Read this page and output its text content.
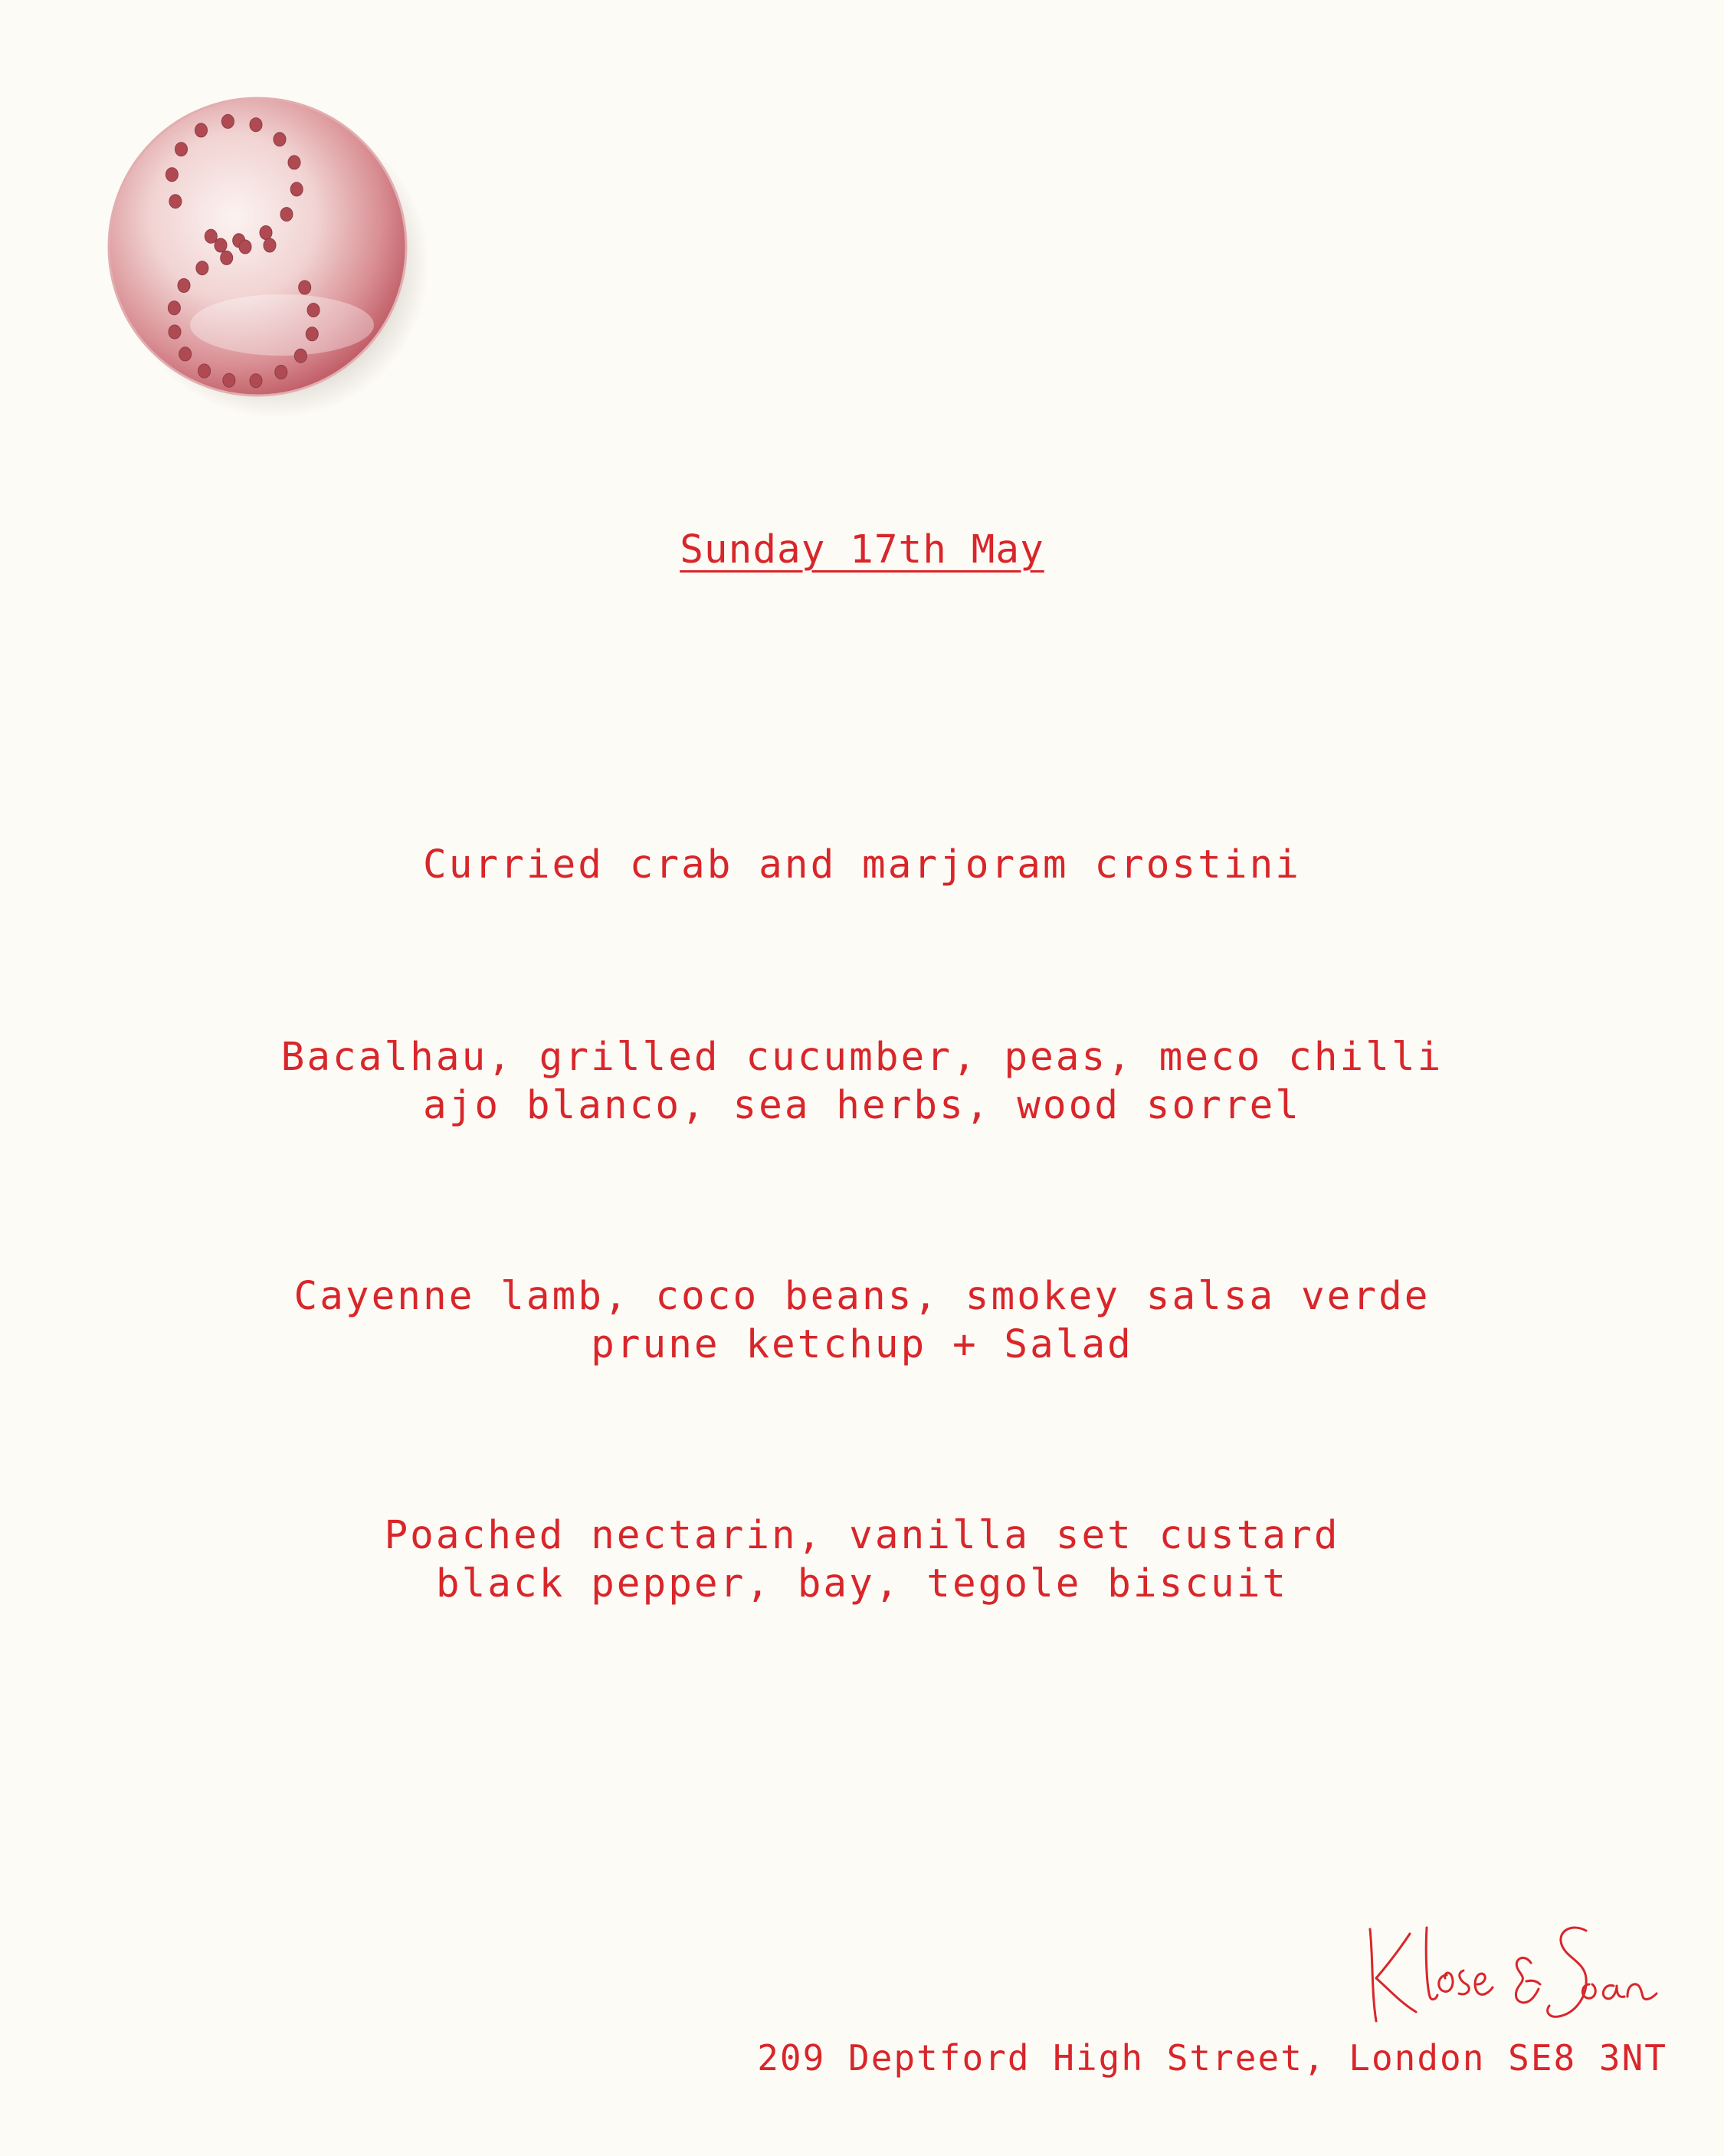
Sunday 17th May
Curried crab and marjoram crostini
Bacalhau, grilled cucumber, peas, meco chilli
ajo blanco, sea herbs, wood sorrel
Cayenne lamb, coco beans, smokey salsa verde
prune ketchup + Salad
Poached nectarin, vanilla set custard
black pepper, bay, tegole biscuit
209 Deptford High Street, London SE8 3NT
